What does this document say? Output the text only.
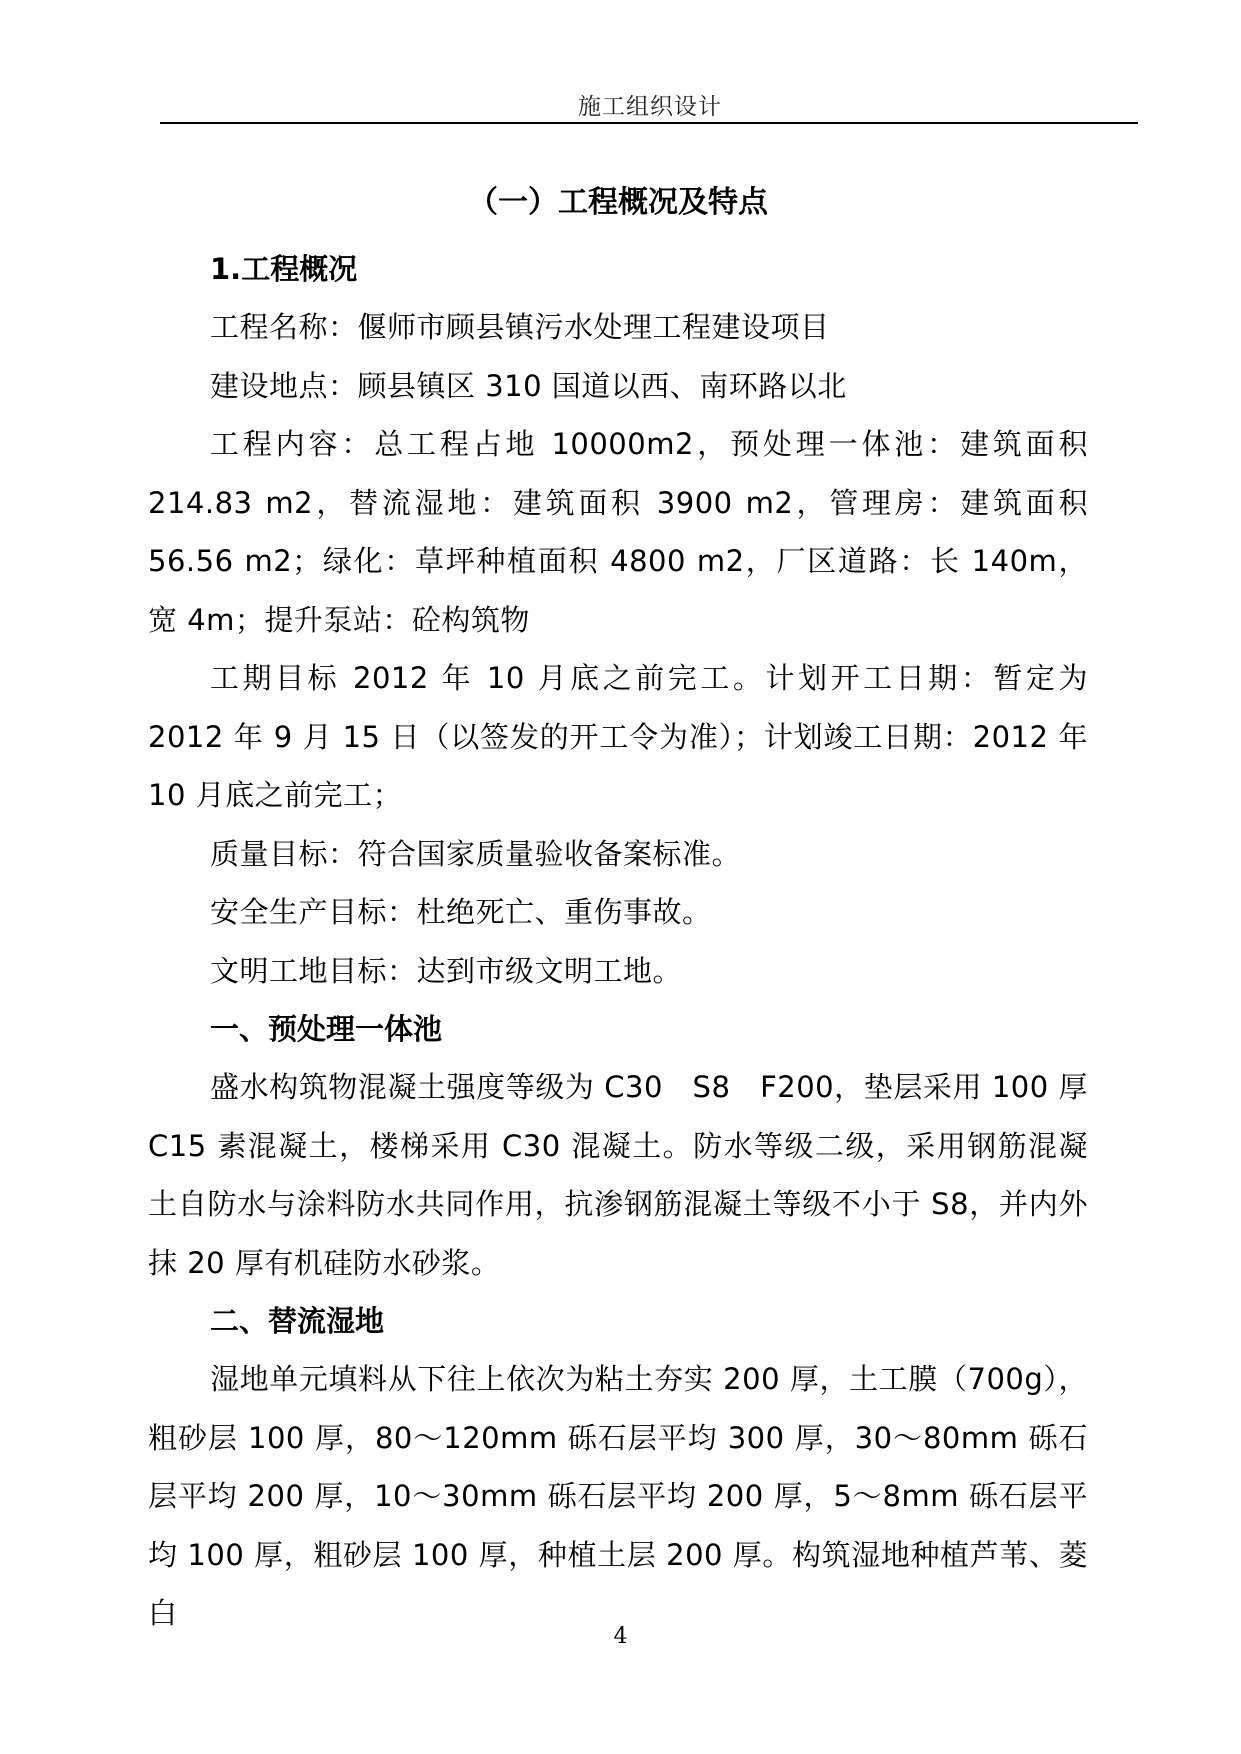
施工组织设计
（一）工程概况及特点
1.工程概况

工程名称：偃师市顾县镇污水处理工程建设项目

建设地点：顾县镇区 310 国道以西、南环路以北

工程内容：总工程占地 10000m2，预处理一体池：建筑面积 214.83 m2，替流湿地：建筑面积 3900 m2，管理房：建筑面积 56.56 m2；绿化：草坪种植面积 4800 m2，厂区道路：长 140m，宽 4m；提升泵站：砼构筑物

工期目标 2012 年 10 月底之前完工。计划开工日期：暂定为 2012 年 9 月 15 日（以签发的开工令为准）；计划竣工日期：2012 年 10 月底之前完工；

质量目标：符合国家质量验收备案标准。

安全生产目标：杜绝死亡、重伤事故。

文明工地目标：达到市级文明工地。

一、预处理一体池

盛水构筑物混凝土强度等级为 C30　S8　F200，垫层采用 100 厚 C15 素混凝土，楼梯采用 C30 混凝土。防水等级二级，采用钢筋混凝土自防水与涂料防水共同作用，抗渗钢筋混凝土等级不小于 S8，并内外抹 20 厚有机硅防水砂浆。

二、替流湿地

湿地单元填料从下往上依次为粘土夯实 200 厚，土工膜（700g），粗砂层 100 厚，80～120mm 砾石层平均 300 厚，30～80mm 砾石层平均 200 厚，10～30mm 砾石层平均 200 厚，5～8mm 砾石层平均 100 厚，粗砂层 100 厚，种植土层 200 厚。构筑湿地种植芦苇、菱白

4
